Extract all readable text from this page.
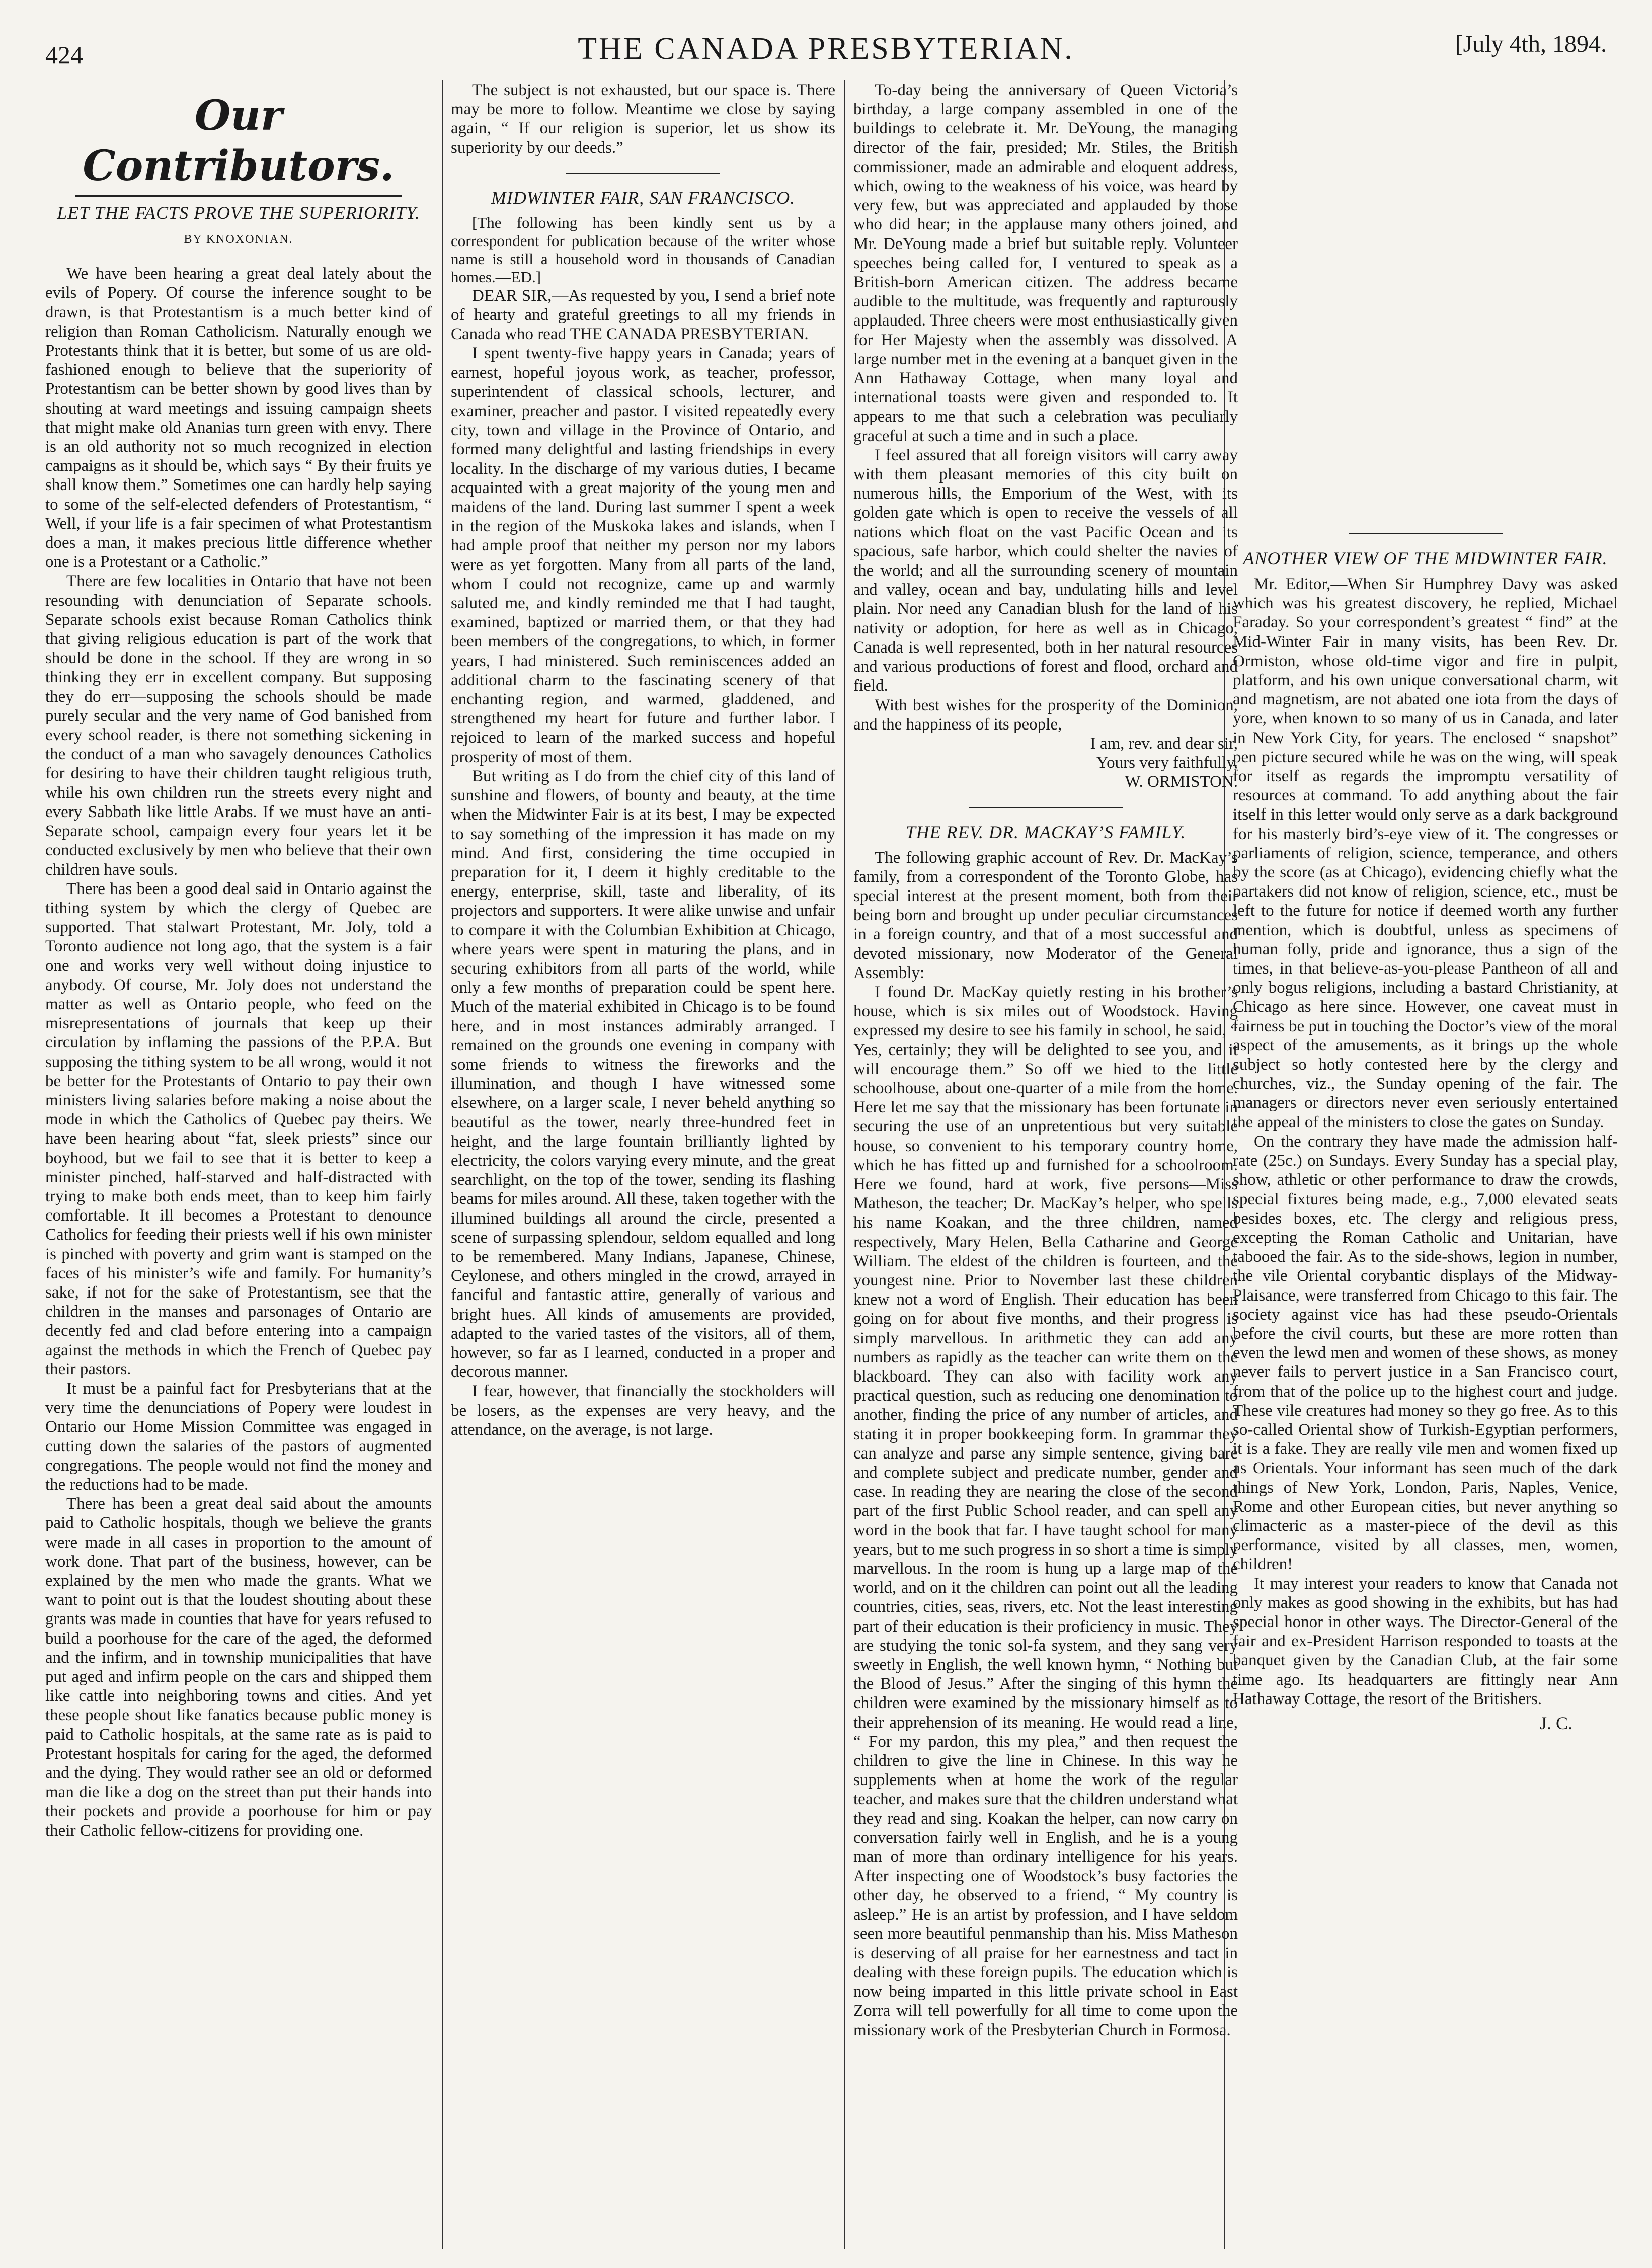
424	THE CANADA PRESBYTERIAN.	[July 4th, 1894.
Our Contributors.
LET THE FACTS PROVE THE SUPERIORITY.
BY KNOXONIAN.

We have been hearing a great deal lately about the evils of Popery. Of course the inference sought to be drawn, is that Protestantism is a much better kind of religion than Roman Catholicism. Naturally enough we Protestants think that it is better, but some of us are old-fashioned enough to believe that the superiority of Protestantism can be better shown by good lives than by shouting at ward meetings and issuing campaign sheets that might make old Ananias turn green with envy. There is an old authority not so much recognized in election campaigns as it should be, which says “ By their fruits ye shall know them.” Sometimes one can hardly help saying to some of the self-elected defenders of Protestantism, “ Well, if your life is a fair specimen of what Protestantism does a man, it makes precious little difference whether one is a Protestant or a Catholic.”

There are few localities in Ontario that have not been resounding with denunciation of Separate schools. Separate schools exist because Roman Catholics think that giving religious education is part of the work that should be done in the school. If they are wrong in so thinking they err in excellent company. But supposing they do err—supposing the schools should be made purely secular and the very name of God banished from every school reader, is there not something sickening in the conduct of a man who savagely denounces Catholics for desiring to have their children taught religious truth, while his own children run the streets every night and every Sabbath like little Arabs. If we must have an anti-Separate school, campaign every four years let it be conducted exclusively by men who believe that their own children have souls.

There has been a good deal said in Ontario against the tithing system by which the clergy of Quebec are supported. That stalwart Protestant, Mr. Joly, told a Toronto audience not long ago, that the system is a fair one and works very well without doing injustice to anybody. Of course, Mr. Joly does not understand the matter as well as Ontario people, who feed on the misrepresentations of journals that keep up their circulation by inflaming the passions of the P.P.A. But supposing the tithing system to be all wrong, would it not be better for the Protestants of Ontario to pay their own ministers living salaries before making a noise about the mode in which the Catholics of Quebec pay theirs. We have been hearing about “fat, sleek priests” since our boyhood, but we fail to see that it is better to keep a minister pinched, half-starved and half-distracted with trying to make both ends meet, than to keep him fairly comfortable. It ill becomes a Protestant to denounce Catholics for feeding their priests well if his own minister is pinched with poverty and grim want is stamped on the faces of his minister’s wife and family. For humanity’s sake, if not for the sake of Protestantism, see that the children in the manses and parsonages of Ontario are decently fed and clad before entering into a campaign against the methods in which the French of Quebec pay their pastors.

It must be a painful fact for Presbyterians that at the very time the denunciations of Popery were loudest in Ontario our Home Mission Committee was engaged in cutting down the salaries of the pastors of augmented congregations. The people would not find the money and the reductions had to be made.

There has been a great deal said about the amounts paid to Catholic hospitals, though we believe the grants were made in all cases in proportion to the amount of work done. That part of the business, however, can be explained by the men who made the grants. What we want to point out is that the loudest shouting about these grants was made in counties that have for years refused to build a poorhouse for the care of the aged, the deformed and the infirm, and in township municipalities that have put aged and infirm people on the cars and shipped them like cattle into neighboring towns and cities. And yet these people shout like fanatics because public money is paid to Catholic hospitals, at the same rate as is paid to Protestant hospitals for caring for the aged, the deformed and the dying. They would rather see an old or deformed man die like a dog on the street than put their hands into their pockets and provide a poorhouse for him or pay their Catholic fellow-citizens for providing one.

The subject is not exhausted, but our space is. There may be more to follow. Meantime we close by saying again, “ If our religion is superior, let us show its superiority by our deeds.”

MIDWINTER FAIR, SAN FRANCISCO.

[The following has been kindly sent us by a correspondent for publication because of the writer whose name is still a household word in thousands of Canadian homes.—ED.]

DEAR SIR,—As requested by you, I send a brief note of hearty and grateful greetings to all my friends in Canada who read THE CANADA PRESBYTERIAN.

I spent twenty-five happy years in Canada; years of earnest, hopeful joyous work, as teacher, professor, superintendent of classical schools, lecturer, and examiner, preacher and pastor. I visited repeatedly every city, town and village in the Province of Ontario, and formed many delightful and lasting friendships in every locality. In the discharge of my various duties, I became acquainted with a great majority of the young men and maidens of the land. During last summer I spent a week in the region of the Muskoka lakes and islands, when I had ample proof that neither my person nor my labors were as yet forgotten. Many from all parts of the land, whom I could not recognize, came up and warmly saluted me, and kindly reminded me that I had taught, examined, baptized or married them, or that they had been members of the congregations, to which, in former years, I had ministered. Such reminiscences added an additional charm to the fascinating scenery of that enchanting region, and warmed, gladdened, and strengthened my heart for future and further labor. I rejoiced to learn of the marked success and hopeful prosperity of most of them.

But writing as I do from the chief city of this land of sunshine and flowers, of bounty and beauty, at the time when the Midwinter Fair is at its best, I may be expected to say something of the impression it has made on my mind. And first, considering the time occupied in preparation for it, I deem it highly creditable to the energy, enterprise, skill, taste and liberality, of its projectors and supporters. It were alike unwise and unfair to compare it with the Columbian Exhibition at Chicago, where years were spent in maturing the plans, and in securing exhibitors from all parts of the world, while only a few months of preparation could be spent here. Much of the material exhibited in Chicago is to be found here, and in most instances admirably arranged. I remained on the grounds one evening in company with some friends to witness the fireworks and the illumination, and though I have witnessed some elsewhere, on a larger scale, I never beheld anything so beautiful as the tower, nearly three-hundred feet in height, and the large fountain brilliantly lighted by electricity, the colors varying every minute, and the great searchlight, on the top of the tower, sending its flashing beams for miles around. All these, taken together with the illumined buildings all around the circle, presented a scene of surpassing splendour, seldom equalled and long to be remembered. Many Indians, Japanese, Chinese, Ceylonese, and others mingled in the crowd, arrayed in fanciful and fantastic attire, generally of various and bright hues. All kinds of amusements are provided, adapted to the varied tastes of the visitors, all of them, however, so far as I learned, conducted in a proper and decorous manner.

I fear, however, that financially the stockholders will be losers, as the expenses are very heavy, and the attendance, on the average, is not large.

To-day being the anniversary of Queen Victoria’s birthday, a large company assembled in one of the buildings to celebrate it. Mr. DeYoung, the managing director of the fair, presided; Mr. Stiles, the British commissioner, made an admirable and eloquent address, which, owing to the weakness of his voice, was heard by very few, but was appreciated and applauded by those who did hear; in the applause many others joined, and Mr. DeYoung made a brief but suitable reply. Volunteer speeches being called for, I ventured to speak as a British-born American citizen. The address became audible to the multitude, was frequently and rapturously applauded. Three cheers were most enthusiastically given for Her Majesty when the assembly was dissolved. A large number met in the evening at a banquet given in the Ann Hathaway Cottage, when many loyal and international toasts were given and responded to. It appears to me that such a celebration was peculiarly graceful at such a time and in such a place.

I feel assured that all foreign visitors will carry away with them pleasant memories of this city built on numerous hills, the Emporium of the West, with its golden gate which is open to receive the vessels of all nations which float on the vast Pacific Ocean and its spacious, safe harbor, which could shelter the navies of the world; and all the surrounding scenery of mountain and valley, ocean and bay, undulating hills and level plain. Nor need any Canadian blush for the land of his nativity or adoption, for here as well as in Chicago, Canada is well represented, both in her natural resources and various productions of forest and flood, orchard and field.

With best wishes for the prosperity of the Dominion, and the happiness of its people,

I am, rev. and dear sir,

Yours very faithfully,

W. ORMISTON.

THE REV. DR. MACKAY’S FAMILY.

The following graphic account of Rev. Dr. MacKay’s family, from a correspondent of the Toronto Globe, has special interest at the present moment, both from their being born and brought up under peculiar circumstances in a foreign country, and that of a most successful and devoted missionary, now Moderator of the General Assembly:

I found Dr. MacKay quietly resting in his brother’s house, which is six miles out of Woodstock. Having expressed my desire to see his family in school, he said, “ Yes, certainly; they will be delighted to see you, and it will encourage them.” So off we hied to the little schoolhouse, about one-quarter of a mile from the home. Here let me say that the missionary has been fortunate in securing the use of an unpretentious but very suitable house, so convenient to his temporary country home, which he has fitted up and furnished for a schoolroom. Here we found, hard at work, five persons—Miss Matheson, the teacher; Dr. MacKay’s helper, who spells his name Koakan, and the three children, named respectively, Mary Helen, Bella Catharine and George William. The eldest of the children is fourteen, and the youngest nine. Prior to November last these children knew not a word of English. Their education has been going on for about five months, and their progress is simply marvellous. In arithmetic they can add any numbers as rapidly as the teacher can write them on the blackboard. They can also with facility work any practical question, such as reducing one denomination to another, finding the price of any number of articles, and stating it in proper bookkeeping form. In grammar they can analyze and parse any simple sentence, giving bare and complete subject and predicate number, gender and case. In reading they are nearing the close of the second part of the first Public School reader, and can spell any word in the book that far. I have taught school for many years, but to me such progress in so short a time is simply marvellous. In the room is hung up a large map of the world, and on it the children can point out all the leading countries, cities, seas, rivers, etc. Not the least interesting part of their education is their proficiency in music. They are studying the tonic sol-fa system, and they sang very sweetly in English, the well known hymn, “ Nothing but the Blood of Jesus.” After the singing of this hymn the children were examined by the missionary himself as to their apprehension of its meaning. He would read a line, “ For my pardon, this my plea,” and then request the children to give the line in Chinese. In this way he supplements when at home the work of the regular teacher, and makes sure that the children understand what they read and sing. Koakan the helper, can now carry on conversation fairly well in English, and he is a young man of more than ordinary intelligence for his years. After inspecting one of Woodstock’s busy factories the other day, he observed to a friend, “ My country is asleep.” He is an artist by profession, and I have seldom seen more beautiful penmanship than his. Miss Matheson is deserving of all praise for her earnestness and tact in dealing with these foreign pupils. The education which is now being imparted in this little private school in East Zorra will tell powerfully for all time to come upon the missionary work of the Presbyterian Church in Formosa.

ANOTHER VIEW OF THE MIDWINTER FAIR.

Mr. Editor,—When Sir Humphrey Davy was asked which was his greatest discovery, he replied, Michael Faraday. So your correspondent’s greatest “ find” at the Mid-Winter Fair in many visits, has been Rev. Dr. Ormiston, whose old-time vigor and fire in pulpit, platform, and his own unique conversational charm, wit and magnetism, are not abated one iota from the days of yore, when known to so many of us in Canada, and later in New York City, for years. The enclosed “ snapshot” pen picture secured while he was on the wing, will speak for itself as regards the impromptu versatility of resources at command. To add anything about the fair itself in this letter would only serve as a dark background for his masterly bird’s-eye view of it. The congresses or parliaments of religion, science, temperance, and others by the score (as at Chicago), evidencing chiefly what the partakers did not know of religion, science, etc., must be left to the future for notice if deemed worth any further mention, which is doubtful, unless as specimens of human folly, pride and ignorance, thus a sign of the times, in that believe-as-you-please Pantheon of all and only bogus religions, including a bastard Christianity, at Chicago as here since. However, one caveat must in fairness be put in touching the Doctor’s view of the moral aspect of the amusements, as it brings up the whole subject so hotly contested here by the clergy and churches, viz., the Sunday opening of the fair. The managers or directors never even seriously entertained the appeal of the ministers to close the gates on Sunday.

On the contrary they have made the admission half-rate (25c.) on Sundays. Every Sunday has a special play, show, athletic or other performance to draw the crowds, special fixtures being made, e.g., 7,000 elevated seats besides boxes, etc. The clergy and religious press, excepting the Roman Catholic and Unitarian, have tabooed the fair. As to the side-shows, legion in number, the vile Oriental corybantic displays of the Midway-Plaisance, were transferred from Chicago to this fair. The society against vice has had these pseudo-Orientals before the civil courts, but these are more rotten than even the lewd men and women of these shows, as money never fails to pervert justice in a San Francisco court, from that of the police up to the highest court and judge. These vile creatures had money so they go free. As to this so-called Oriental show of Turkish-Egyptian performers, it is a fake. They are really vile men and women fixed up as Orientals. Your informant has seen much of the dark things of New York, London, Paris, Naples, Venice, Rome and other European cities, but never anything so climacteric as a master-piece of the devil as this performance, visited by all classes, men, women, children!

It may interest your readers to know that Canada not only makes as good showing in the exhibits, but has had special honor in other ways. The Director-General of the fair and ex-President Harrison responded to toasts at the banquet given by the Canadian Club, at the fair some time ago. Its headquarters are fittingly near Ann Hathaway Cottage, the resort of the Britishers.

J. C.
